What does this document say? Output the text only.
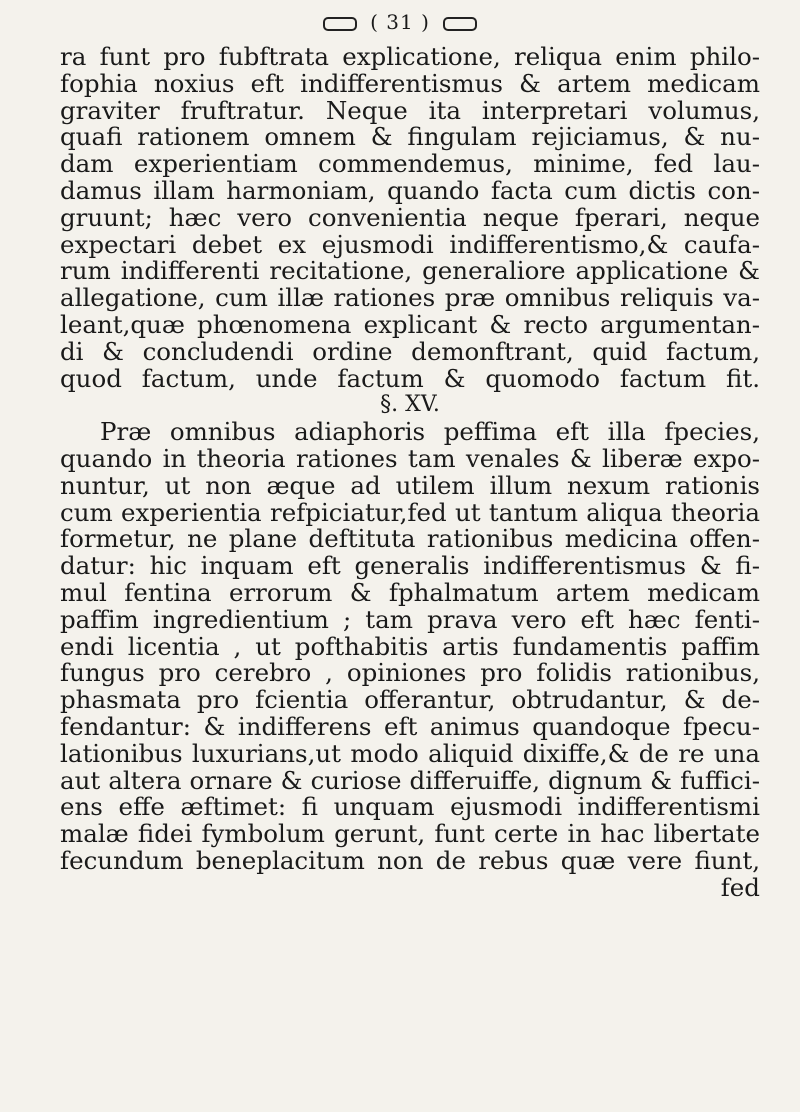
( 31 )
ra funt pro fubftrata explicatione, reliqua enim philo-
fophia noxius eft indifferentismus & artem medicam
graviter fruftratur. Neque ita interpretari volumus,
quafi rationem omnem & fingulam rejiciamus, & nu-
dam experientiam commendemus, minime, fed lau-
damus illam harmoniam, quando facta cum dictis con-
gruunt; hæc vero convenientia neque fperari, neque
expectari debet ex ejusmodi indifferentismo,& caufa-
rum indifferenti recitatione, generaliore applicatione &
allegatione, cum illæ rationes præ omnibus reliquis va-
leant,quæ phœnomena explicant & recto argumentan-
di & concludendi ordine demonftrant, quid factum,
quod factum, unde factum & quomodo factum fit.
§. XV.
Præ omnibus adiaphoris peffima eft illa fpecies,
quando in theoria rationes tam venales & liberæ expo-
nuntur, ut non æque ad utilem illum nexum rationis
cum experientia refpiciatur,fed ut tantum aliqua theoria
formetur, ne plane deftituta rationibus medicina offen-
datur: hic inquam eft generalis indifferentismus & fi-
mul fentina errorum & fphalmatum artem medicam
paffim ingredientium ; tam prava vero eft hæc fenti-
endi licentia , ut pofthabitis artis fundamentis paffim
fungus pro cerebro , opiniones pro folidis rationibus,
phasmata pro fcientia offerantur, obtrudantur, & de-
fendantur: & indifferens eft animus quandoque fpecu-
lationibus luxurians,ut modo aliquid dixiffe,& de re una
aut altera ornare & curiose differuiffe, dignum & fuffici-
ens effe æftimet: fi unquam ejusmodi indifferentismi
malæ fidei fymbolum gerunt, funt certe in hac libertate
fecundum beneplacitum non de rebus quæ vere fiunt,
fed
